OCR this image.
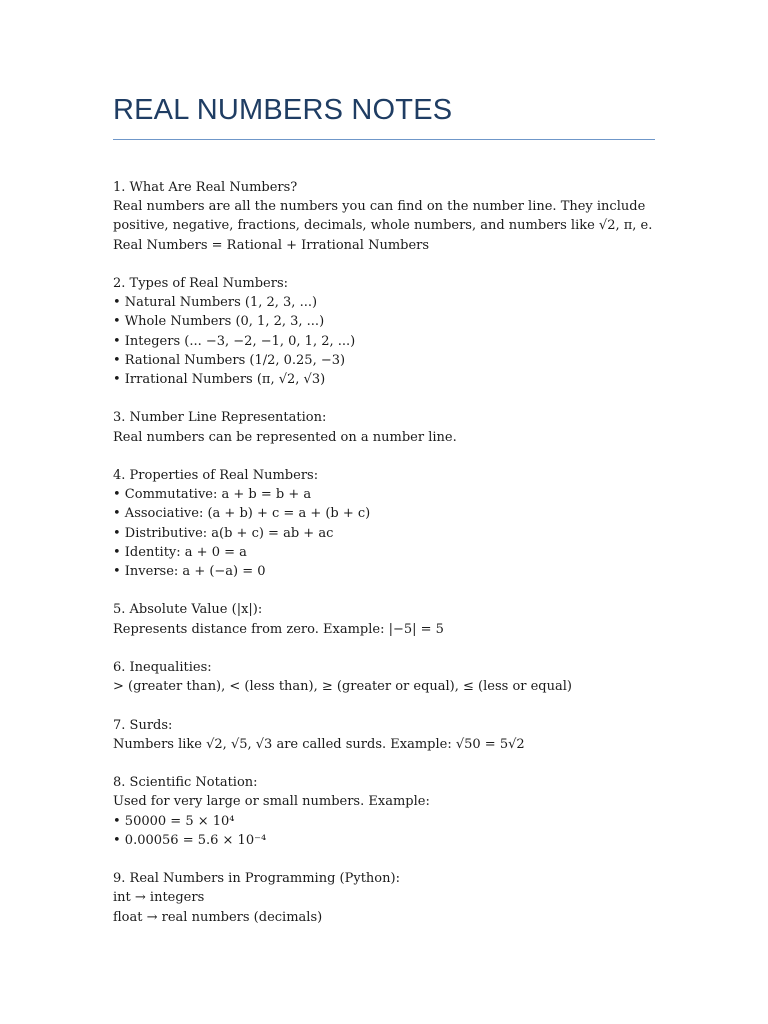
REAL NUMBERS NOTES
1. What Are Real Numbers?
Real numbers are all the numbers you can find on the number line. They include positive, negative, fractions, decimals, whole numbers, and numbers like √2, π, e.
Real Numbers = Rational + Irrational Numbers
2. Types of Real Numbers:
• Natural Numbers (1, 2, 3, ...)
• Whole Numbers (0, 1, 2, 3, ...)
• Integers (... −3, −2, −1, 0, 1, 2, ...)
• Rational Numbers (1/2, 0.25, −3)
• Irrational Numbers (π, √2, √3)
3. Number Line Representation:
Real numbers can be represented on a number line.
4. Properties of Real Numbers:
• Commutative: a + b = b + a
• Associative: (a + b) + c = a + (b + c)
• Distributive: a(b + c) = ab + ac
• Identity: a + 0 = a
• Inverse: a + (−a) = 0
5. Absolute Value (|x|):
Represents distance from zero. Example: |−5| = 5
6. Inequalities:
> (greater than), < (less than), ≥ (greater or equal), ≤ (less or equal)
7. Surds:
Numbers like √2, √5, √3 are called surds. Example: √50 = 5√2
8. Scientific Notation:
Used for very large or small numbers. Example:
• 50000 = 5 × 10⁴
• 0.00056 = 5.6 × 10⁻⁴
9. Real Numbers in Programming (Python):
int → integers
float → real numbers (decimals)
